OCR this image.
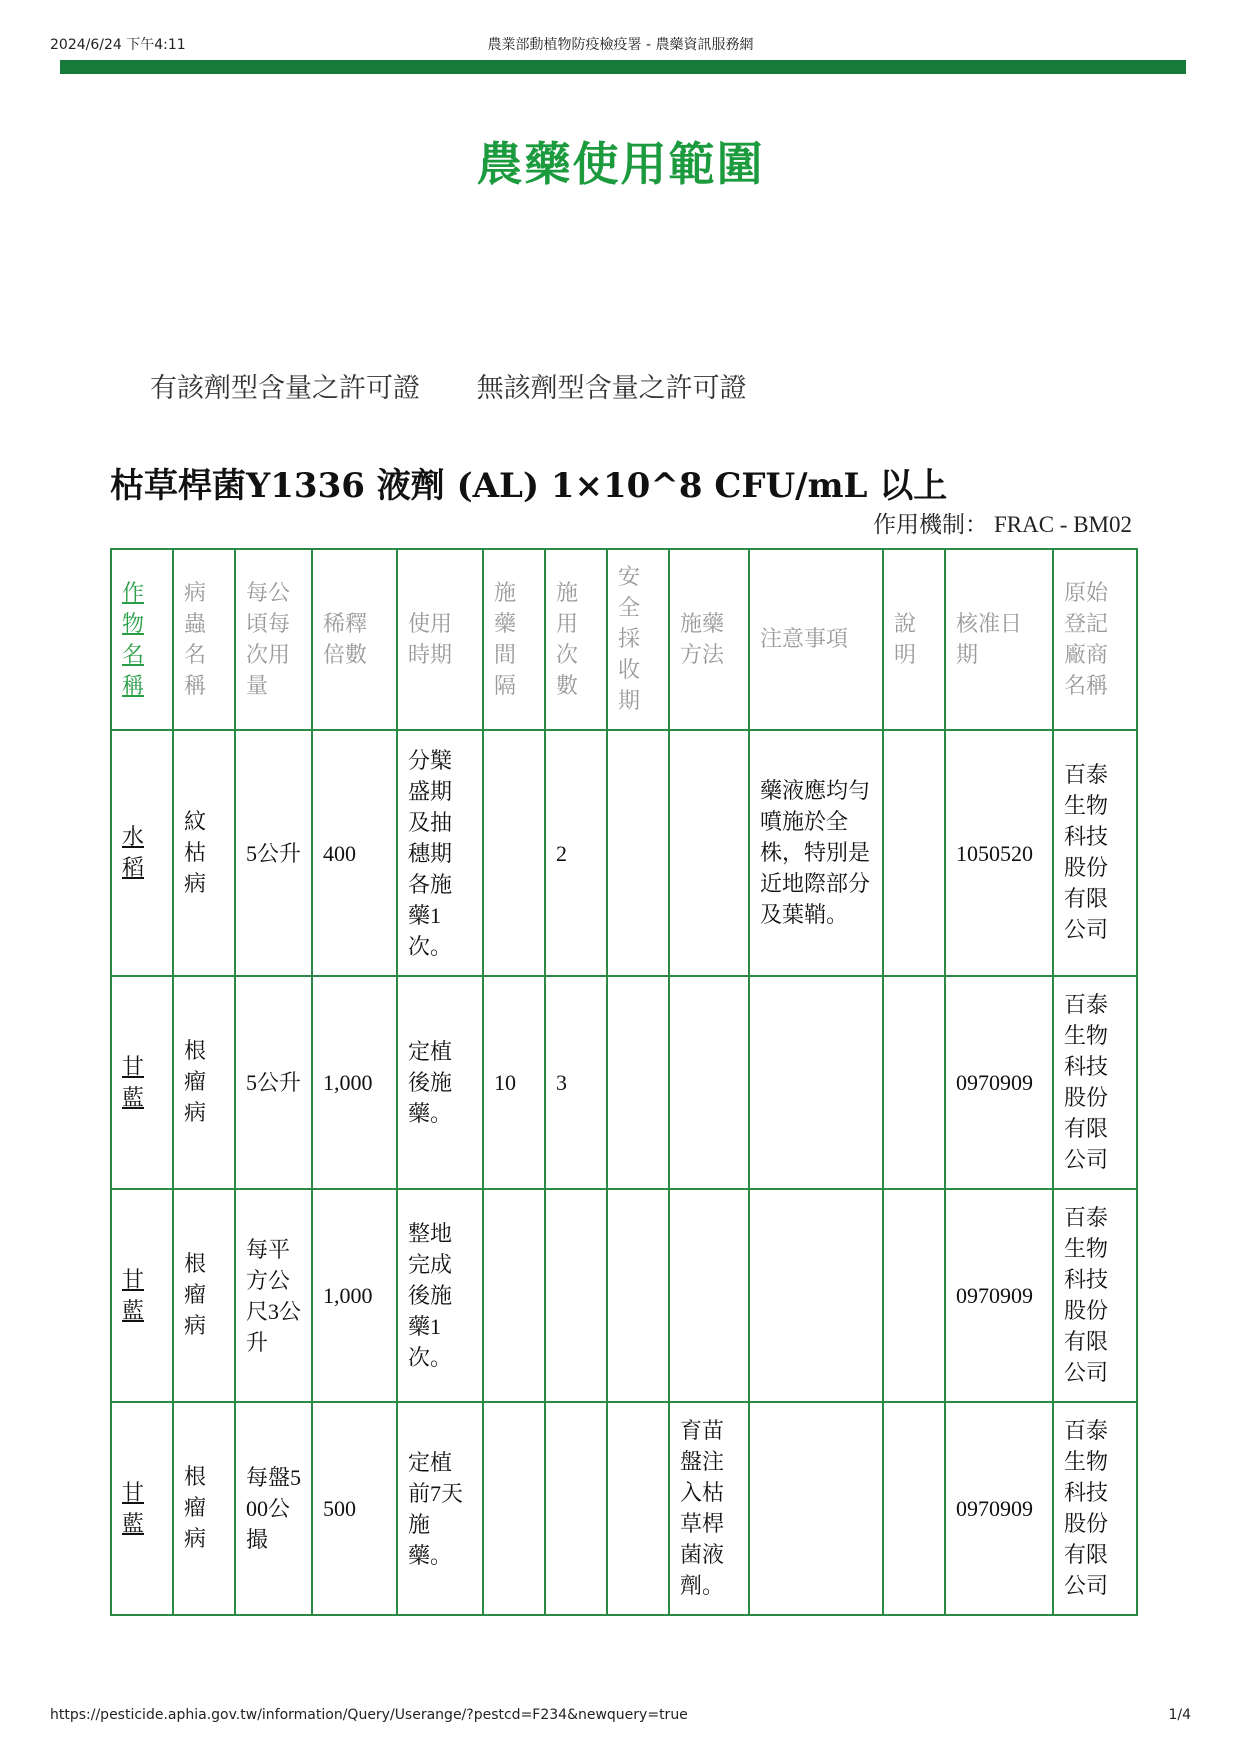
2024/6/24 下午4:11	農業部動植物防疫檢疫署 - 農藥資訊服務網
農藥使用範圍
有該劑型含量之許可證 無該劑型含量之許可證
枯草桿菌Y1336 液劑 (AL) 1×10^8 CFU/mL 以上
作用機制： FRAC - BM02
作物名稱	病蟲名稱	每公頃每次用量	稀釋倍數	使用時期	施藥間隔	施用次數	安全採收期	施藥方法	注意事項	說明	核准日期	原始登記廠商名稱
水稻	紋枯病	5公升	400	分櫱盛期及抽穗期各施藥1次。		2			藥液應均勻噴施於全株，特別是近地際部分及葉鞘。		1050520	百泰生物科技股份有限公司
甘藍	根瘤病	5公升	1,000	定植後施藥。	10	3					0970909	百泰生物科技股份有限公司
甘藍	根瘤病	每平方公尺3公升	1,000	整地完成後施藥1次。							0970909	百泰生物科技股份有限公司
甘藍	根瘤病	每盤500公撮	500	定植前7天施藥。				育苗盤注入枯草桿菌液劑。			0970909	百泰生物科技股份有限公司
https://pesticide.aphia.gov.tw/information/Query/Userange/?pestcd=F234&newquery=true	1/4
